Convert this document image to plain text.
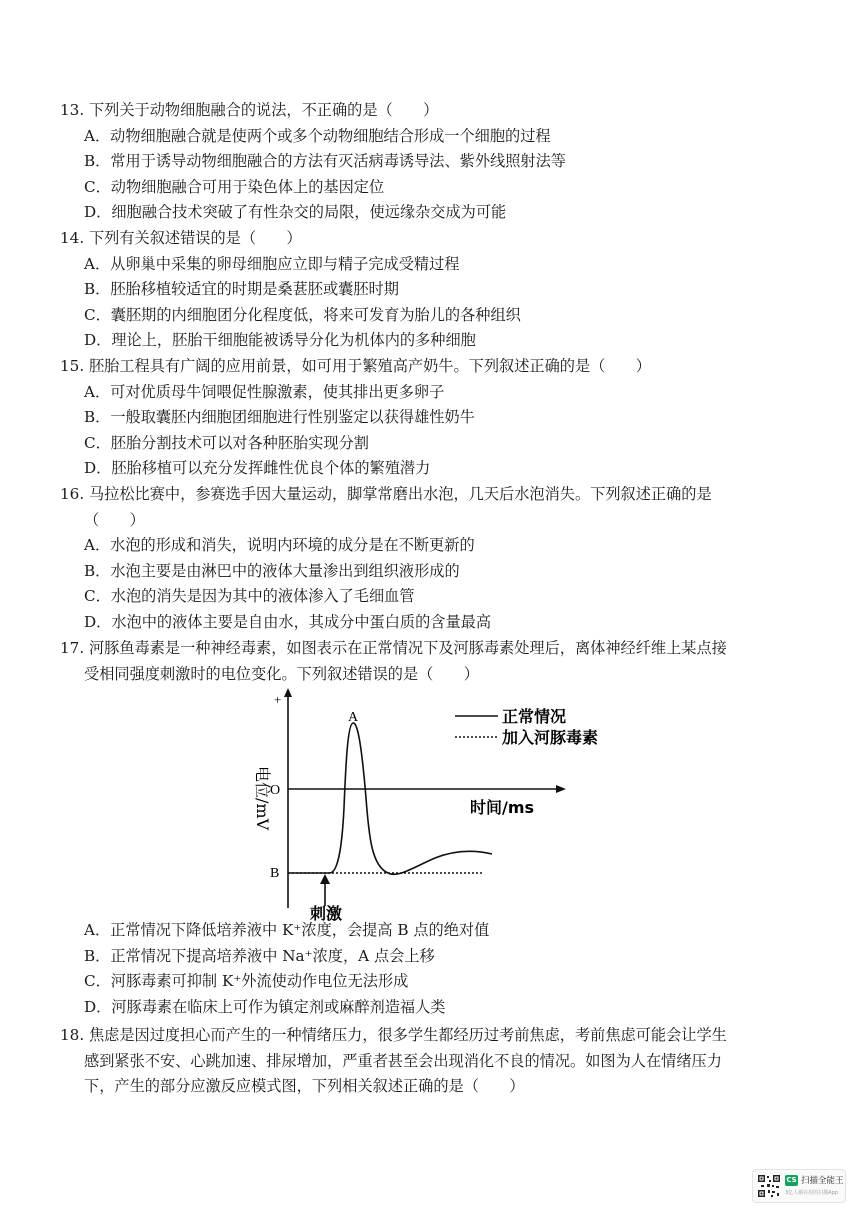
13. 下列关于动物细胞融合的说法，不正确的是（　　）
A．动物细胞融合就是使两个或多个动物细胞结合形成一个细胞的过程
B．常用于诱导动物细胞融合的方法有灭活病毒诱导法、紫外线照射法等
C．动物细胞融合可用于染色体上的基因定位
D．细胞融合技术突破了有性杂交的局限，使远缘杂交成为可能
14. 下列有关叙述错误的是（　　）
A．从卵巢中采集的卵母细胞应立即与精子完成受精过程
B．胚胎移植较适宜的时期是桑葚胚或囊胚时期
C．囊胚期的内细胞团分化程度低，将来可发育为胎儿的各种组织
D．理论上，胚胎干细胞能被诱导分化为机体内的多种细胞
15. 胚胎工程具有广阔的应用前景，如可用于繁殖高产奶牛。下列叙述正确的是（　　）
A．可对优质母牛饲喂促性腺激素，使其排出更多卵子
B．一般取囊胚内细胞团细胞进行性别鉴定以获得雄性奶牛
C．胚胎分割技术可以对各种胚胎实现分割
D．胚胎移植可以充分发挥雌性优良个体的繁殖潜力
16. 马拉松比赛中，参赛选手因大量运动，脚掌常磨出水泡，几天后水泡消失。下列叙述正确的是
（　　）
A．水泡的形成和消失，说明内环境的成分是在不断更新的
B．水泡主要是由淋巴中的液体大量渗出到组织液形成的
C．水泡的消失是因为其中的液体渗入了毛细血管
D．水泡中的液体主要是自由水，其成分中蛋白质的含量最高
17. 河豚鱼毒素是一种神经毒素，如图表示在正常情况下及河豚毒素处理后，离体神经纤维上某点接
受相同强度刺激时的电位变化。下列叙述错误的是（　　）
+
O
B
A
电位/mV	时间/ms
刺激
正常情况
加入河豚毒素
A．正常情况下降低培养液中 K⁺浓度，会提高 B 点的绝对值
B．正常情况下提高培养液中 Na⁺浓度，A 点会上移
C．河豚毒素可抑制 K⁺外流使动作电位无法形成
D．河豚毒素在临床上可作为镇定剂或麻醉剂造福人类
18. 焦虑是因过度担心而产生的一种情绪压力，很多学生都经历过考前焦虑，考前焦虑可能会让学生
感到紧张不安、心跳加速、排尿增加，严重者甚至会出现消化不良的情况。如图为人在情绪压力
下，产生的部分应激反应模式图，下列相关叙述正确的是（　　）
CS 扫描全能王
3亿人都在用的扫描App
